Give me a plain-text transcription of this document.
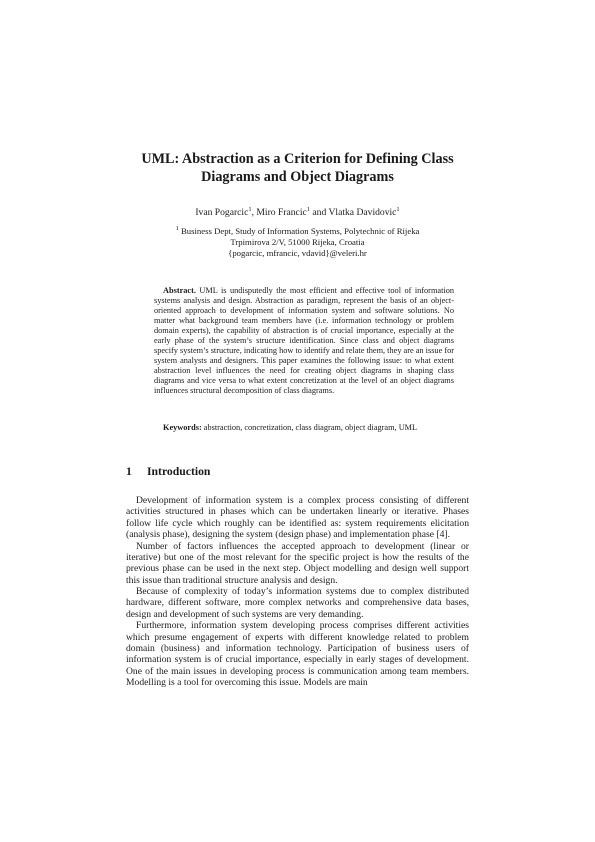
UML: Abstraction as a Criterion for Defining Class
Diagrams and Object Diagrams
Ivan Pogarcic$^1$, Miro Francic$^1$ and Vlatka Davidovic$^1$
$^1$ Business Dept, Study of Information Systems, Polytechnic of Rijeka
Trpimirova 2/V, 51000 Rijeka, Croatia
{pogarcic, mfrancic, vdavid}@veleri.hr

Abstract. UML is undisputedly the most efficient and effective tool of information systems analysis and design. Abstraction as paradigm, represent the basis of an object-oriented approach to development of information system and software solutions. No matter what background team members have (i.e. information technology or problem domain experts), the capability of abstraction is of crucial importance, especially at the early phase of the system’s structure identification. Since class and object diagrams specify system’s structure, indicating how to identify and relate them, they are an issue for system analysts and designers. This paper examines the following issue: to what extent abstraction level influences the need for creating object diagrams in shaping class diagrams and vice versa to what extent concretization at the level of an object diagrams influences structural decomposition of class diagrams.

Keywords: abstraction, concretization, class diagram, object diagram, UML

1 Introduction

Development of information system is a complex process consisting of different activities structured in phases which can be undertaken linearly or iterative. Phases follow life cycle which roughly can be identified as: system requirements elicitation (analysis phase), designing the system (design phase) and implementation phase [4].

Number of factors influences the accepted approach to development (linear or iterative) but one of the most relevant for the specific project is how the results of the previous phase can be used in the next step. Object modelling and design well support this issue than traditional structure analysis and design.

Because of complexity of today’s information systems due to complex distributed hardware, different software, more complex networks and comprehensive data bases, design and development of such systems are very demanding.

Furthermore, information system developing process comprises different activities which presume engagement of experts with different knowledge related to problem domain (business) and information technology. Participation of business users of information system is of crucial importance, especially in early stages of development. One of the main issues in developing process is communication among team members. Modelling is a tool for overcoming this issue. Models are main
